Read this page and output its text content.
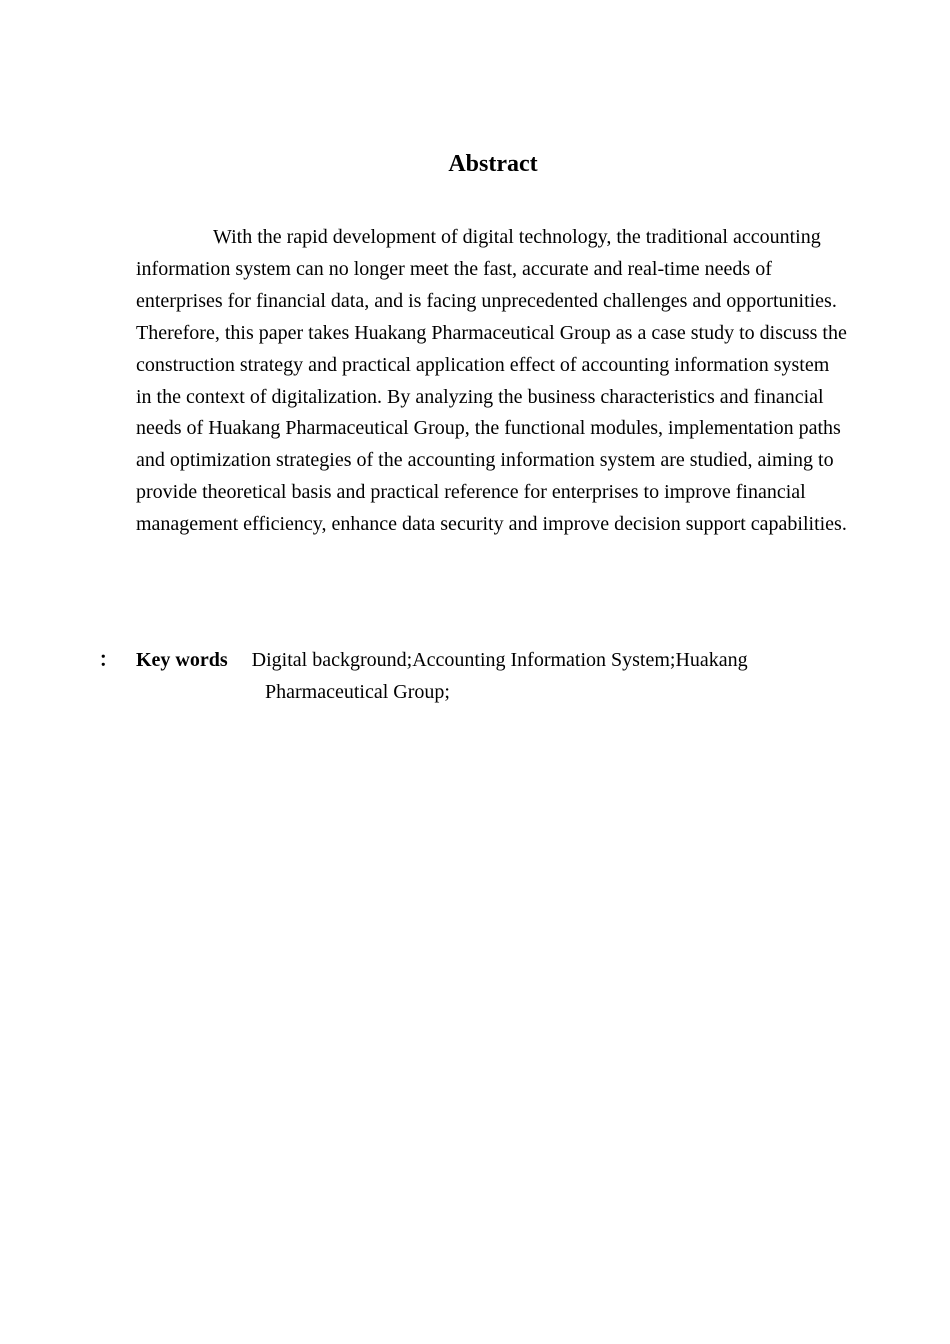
Abstract

With the rapid development of digital technology, the traditional accounting information system can no longer meet the fast, accurate and real-time needs of enterprises for financial data, and is facing unprecedented challenges and opportunities. Therefore, this paper takes Huakang Pharmaceutical Group as a case study to discuss the construction strategy and practical application effect of accounting information system in the context of digitalization. By analyzing the business characteristics and financial needs of Huakang Pharmaceutical Group, the functional modules, implementation paths and optimization strategies of the accounting information system are studied, aiming to provide theoretical basis and practical reference for enterprises to improve financial management efficiency, enhance data security and improve decision support capabilities.

Key words：	Digital background;Accounting Information System;Huakang Pharmaceutical Group;
